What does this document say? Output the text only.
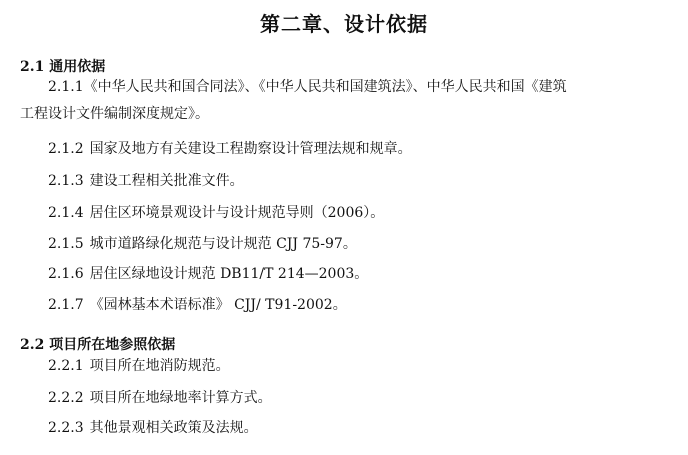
第二章、设计依据

2.1 通用依据

2.1.1《中华人民共和国合同法》、《中华人民共和国建筑法》、中华人民共和国《建筑

工程设计文件编制深度规定》。

2.1.2 国家及地方有关建设工程勘察设计管理法规和规章。

2.1.3 建设工程相关批准文件。

2.1.4 居住区环境景观设计与设计规范导则（2006）。

2.1.5 城市道路绿化规范与设计规范 CJJ 75-97。

2.1.6 居住区绿地设计规范 DB11/T 214—2003。

2.1.7 《园林基本术语标准》 CJJ/ T91-2002。

2.2 项目所在地参照依据

2.2.1 项目所在地消防规范。

2.2.2 项目所在地绿地率计算方式。

2.2.3 其他景观相关政策及法规。
